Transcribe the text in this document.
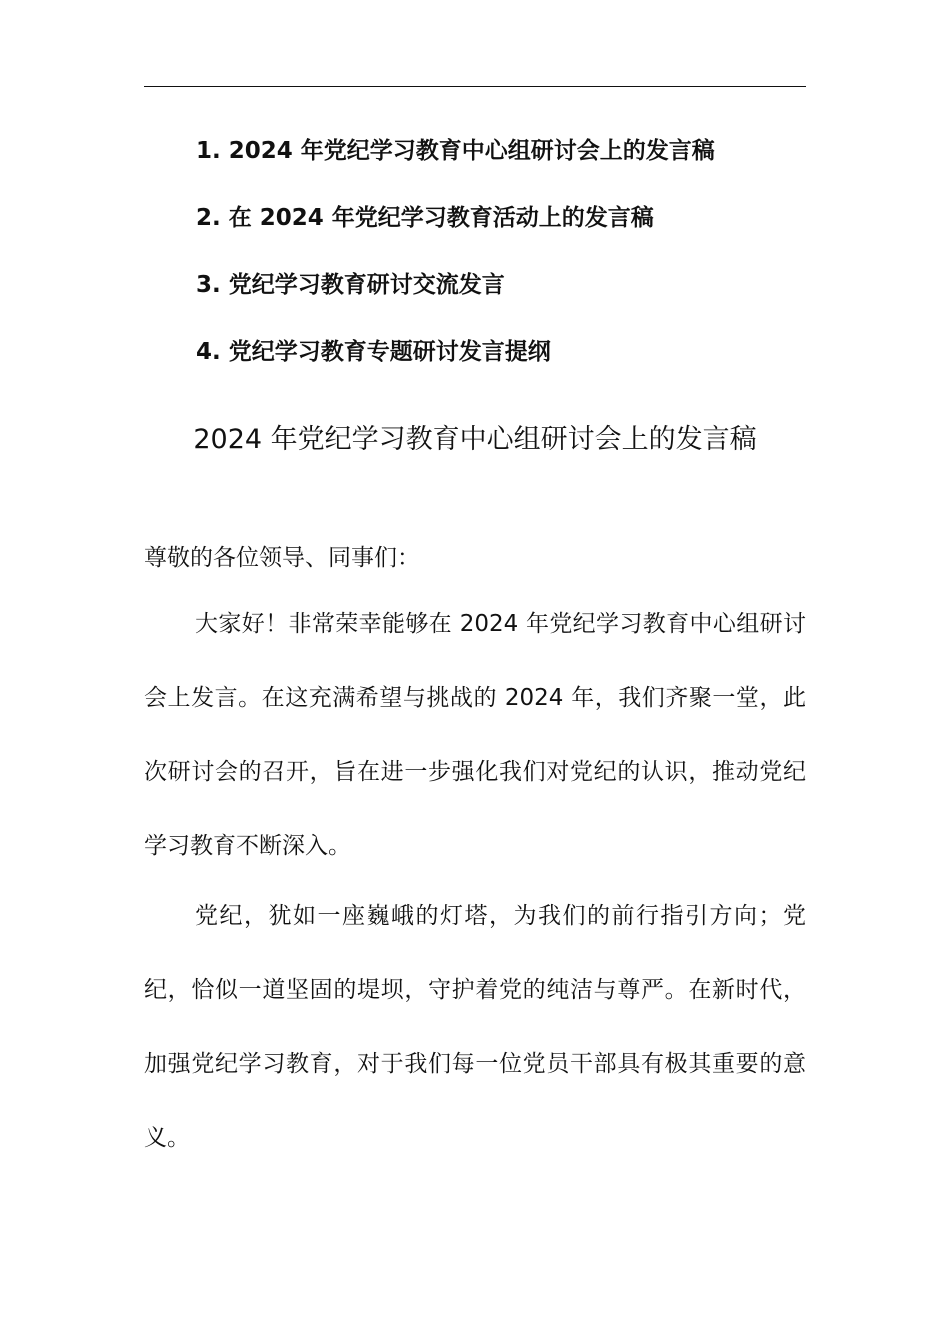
1. 2024 年党纪学习教育中心组研讨会上的发言稿
2. 在 2024 年党纪学习教育活动上的发言稿
3. 党纪学习教育研讨交流发言
4. 党纪学习教育专题研讨发言提纲
2024 年党纪学习教育中心组研讨会上的发言稿

尊敬的各位领导、同事们：

大家好！非常荣幸能够在 2024 年党纪学习教育中心组研讨会上发言。在这充满希望与挑战的 2024 年，我们齐聚一堂，此次研讨会的召开，旨在进一步强化我们对党纪的认识，推动党纪学习教育不断深入。

党纪，犹如一座巍峨的灯塔，为我们的前行指引方向；党纪，恰似一道坚固的堤坝，守护着党的纯洁与尊严。在新时代，加强党纪学习教育，对于我们每一位党员干部具有极其重要的意义。
